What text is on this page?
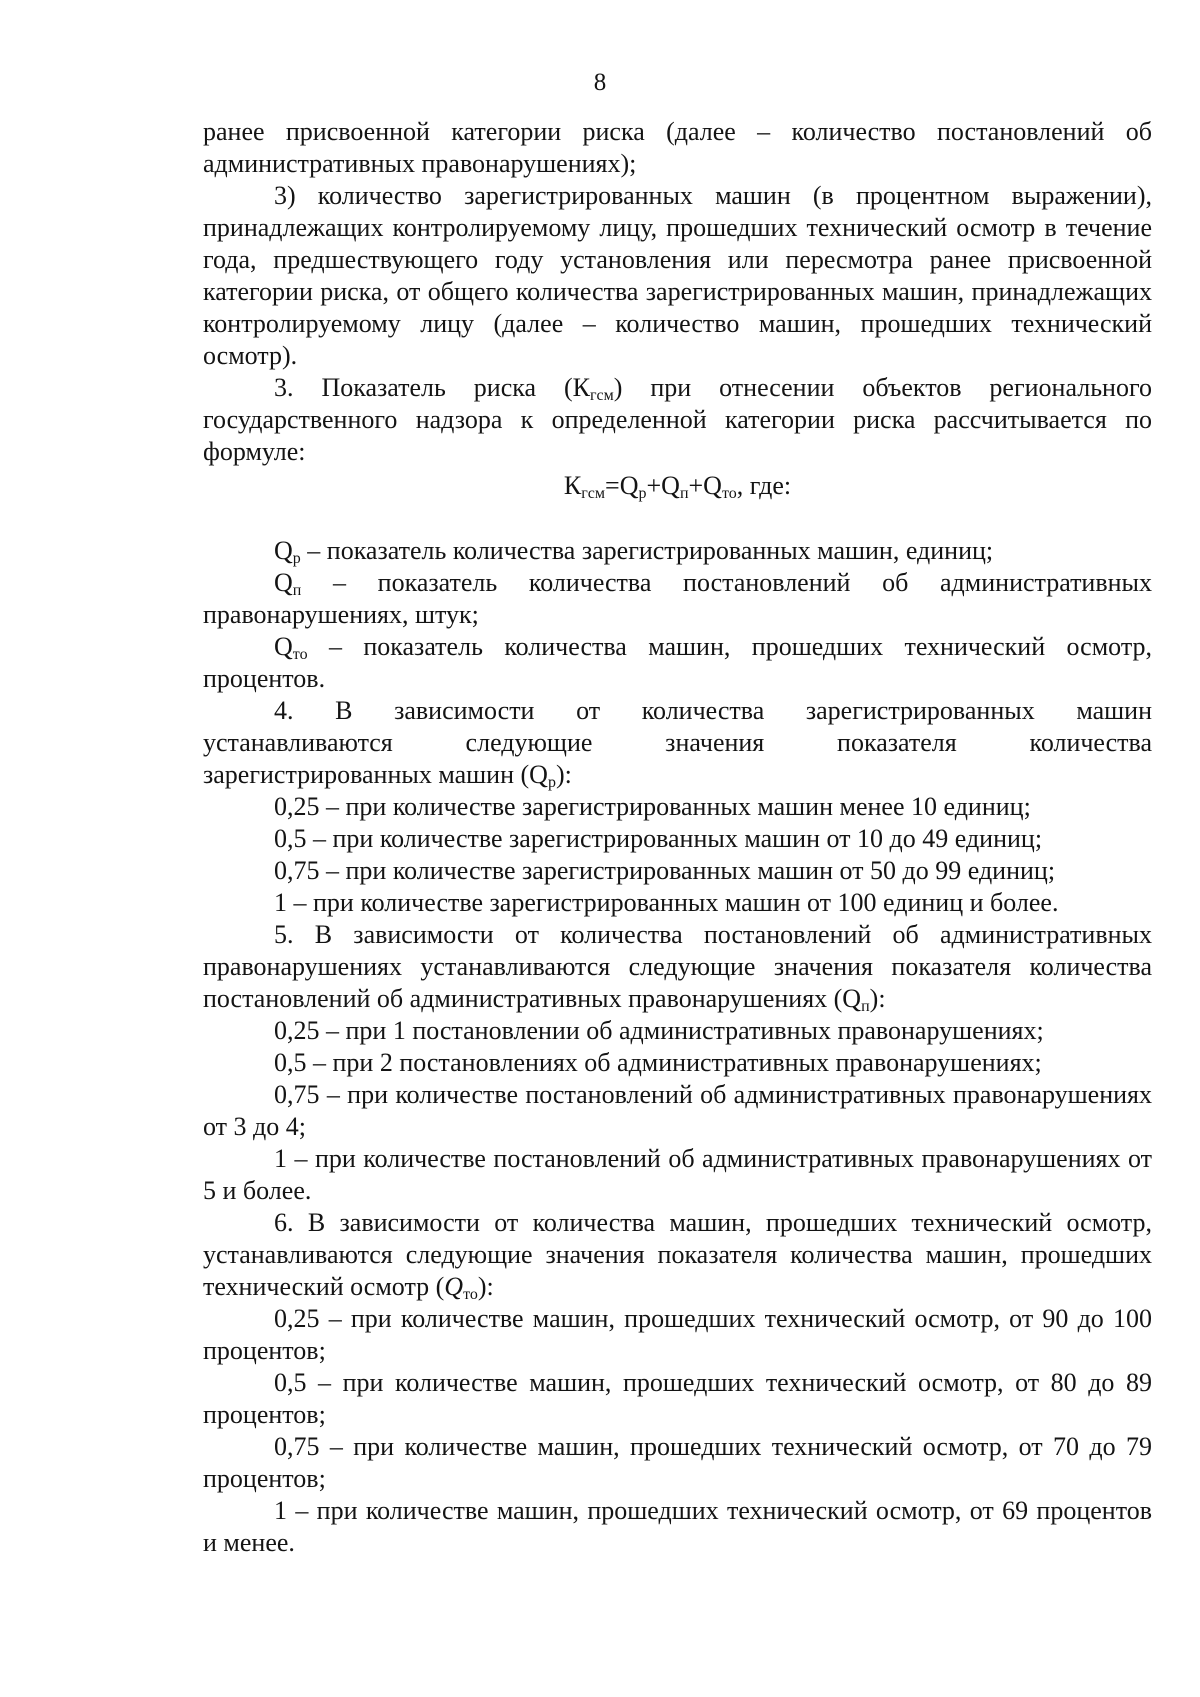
8

ранее присвоенной категории риска (далее – количество постановлений об административных правонарушениях);

3) количество зарегистрированных машин (в процентном выражении), принадлежащих контролируемому лицу, прошедших технический осмотр в течение года, предшествующего году установления или пересмотра ранее присвоенной категории риска, от общего количества зарегистрированных машин, принадлежащих контролируемому лицу (далее – количество машин, прошедших технический осмотр).

3. Показатель риска $(К_{гсм})$ при отнесении объектов регионального государственного надзора к определенной категории риска рассчитывается по формуле:

$К_{гсм}=Q_р+Q_п+Q_{то}$, где:

$Q_р$ – показатель количества зарегистрированных машин, единиц;

$Q_п$ – показатель количества постановлений об административных правонарушениях, штук;

$Q_{то}$ – показатель количества машин, прошедших технический осмотр, процентов.

4. В зависимости от количества зарегистрированных машин

устанавливаются следующие значения показателя количества

зарегистрированных машин $(Q_р)$:

0,25 – при количестве зарегистрированных машин менее 10 единиц;

0,5 – при количестве зарегистрированных машин от 10 до 49 единиц;

0,75 – при количестве зарегистрированных машин от 50 до 99 единиц;

1 – при количестве зарегистрированных машин от 100 единиц и более.

5. В зависимости от количества постановлений об административных правонарушениях устанавливаются следующие значения показателя количества постановлений об административных правонарушениях $(Q_п)$:

0,25 – при 1 постановлении об административных правонарушениях;

0,5 – при 2 постановлениях об административных правонарушениях;

0,75 – при количестве постановлений об административных правонарушениях от 3 до 4;

1 – при количестве постановлений об административных правонарушениях от 5 и более.

6. В зависимости от количества машин, прошедших технический осмотр, устанавливаются следующие значения показателя количества машин, прошедших технический осмотр $(Q_{то})$:

0,25 – при количестве машин, прошедших технический осмотр, от 90 до 100 процентов;

0,5 – при количестве машин, прошедших технический осмотр, от 80 до 89 процентов;

0,75 – при количестве машин, прошедших технический осмотр, от 70 до 79 процентов;

1 – при количестве машин, прошедших технический осмотр, от 69 процентов и менее.
